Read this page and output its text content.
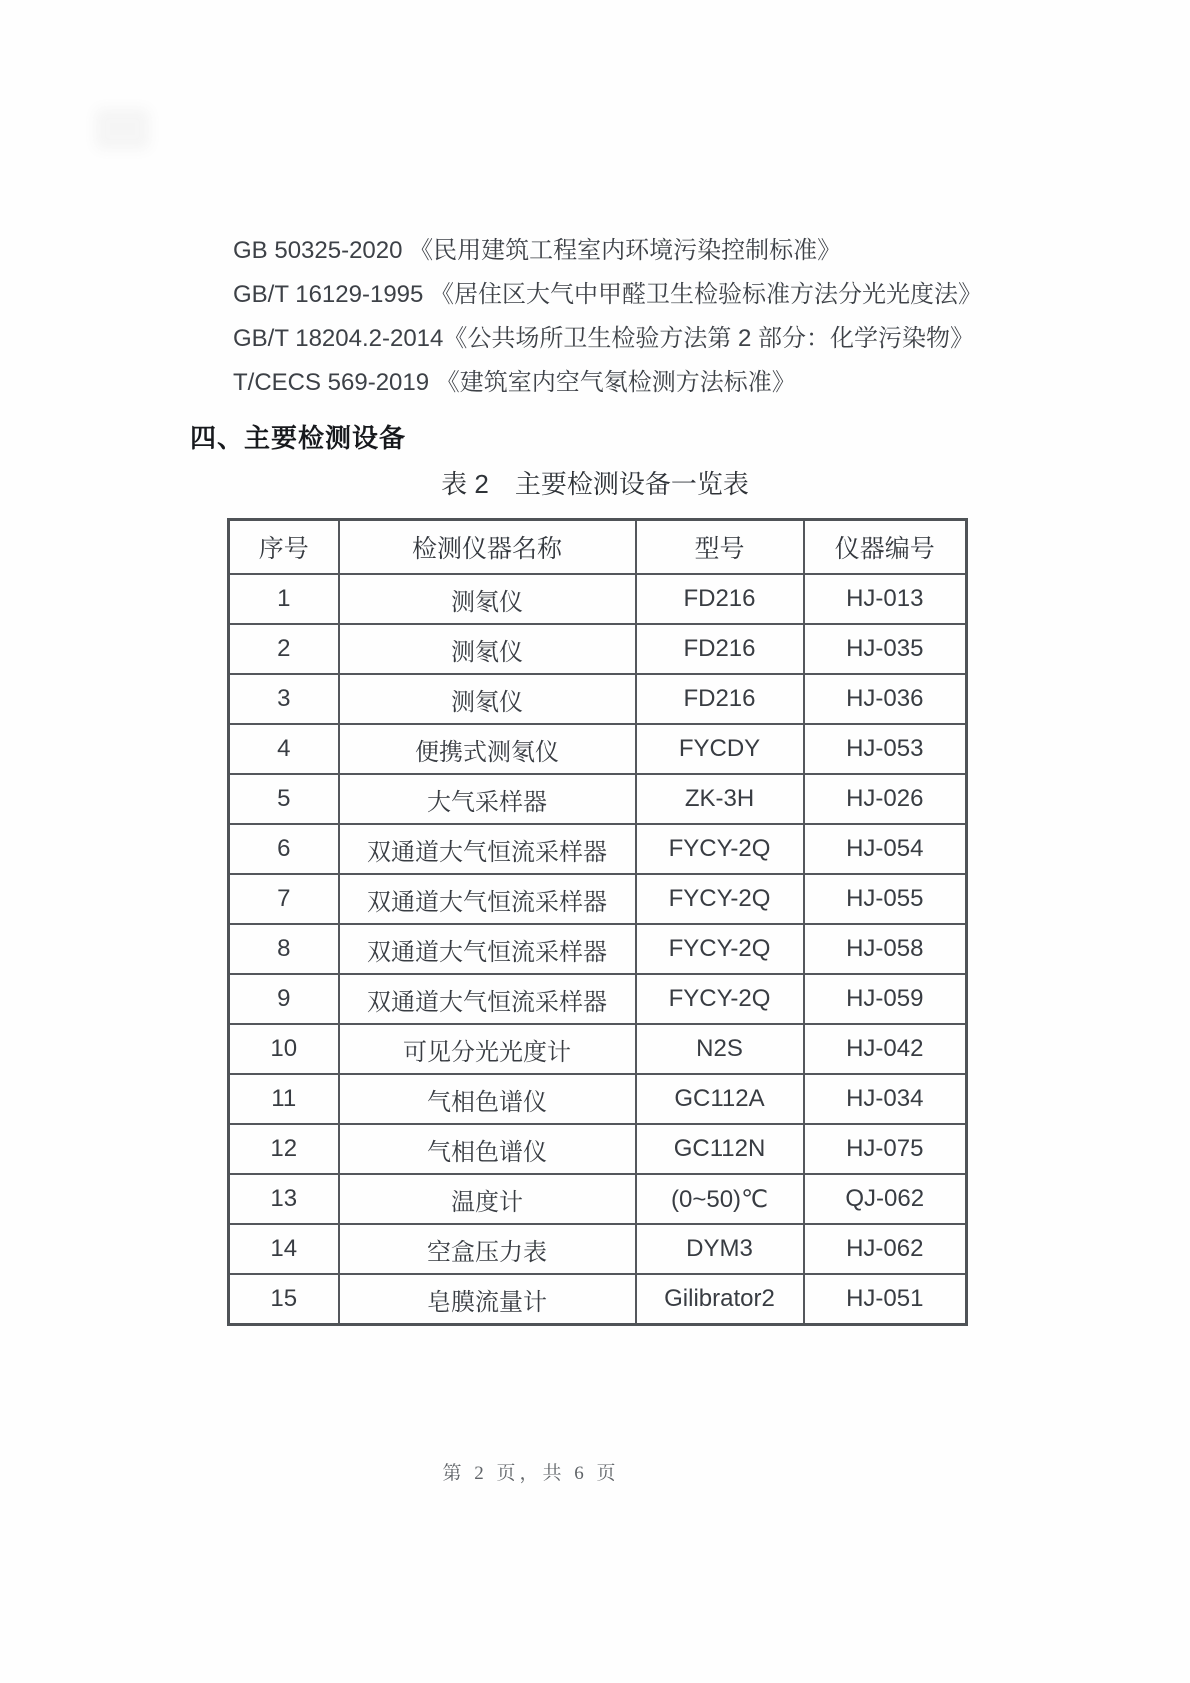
GB 50325-2020 《民用建筑工程室内环境污染控制标准》
GB/T 16129-1995 《居住区大气中甲醛卫生检验标准方法分光光度法》
GB/T 18204.2-2014《公共场所卫生检验方法第 2 部分：化学污染物》
T/CECS 569-2019 《建筑室内空气氡检测方法标准》
四、主要检测设备
表 2 主要检测设备一览表
序号	检测仪器名称	型号	仪器编号
1	测氡仪	FD216	HJ-013
2	测氡仪	FD216	HJ-035
3	测氡仪	FD216	HJ-036
4	便携式测氡仪	FYCDY	HJ-053
5	大气采样器	ZK-3H	HJ-026
6	双通道大气恒流采样器	FYCY-2Q	HJ-054
7	双通道大气恒流采样器	FYCY-2Q	HJ-055
8	双通道大气恒流采样器	FYCY-2Q	HJ-058
9	双通道大气恒流采样器	FYCY-2Q	HJ-059
10	可见分光光度计	N2S	HJ-042
11	气相色谱仪	GC112A	HJ-034
12	气相色谱仪	GC112N	HJ-075
13	温度计	(0~50)℃	QJ-062
14	空盒压力表	DYM3	HJ-062
15	皂膜流量计	Gilibrator2	HJ-051
第 2 页，共 6 页
